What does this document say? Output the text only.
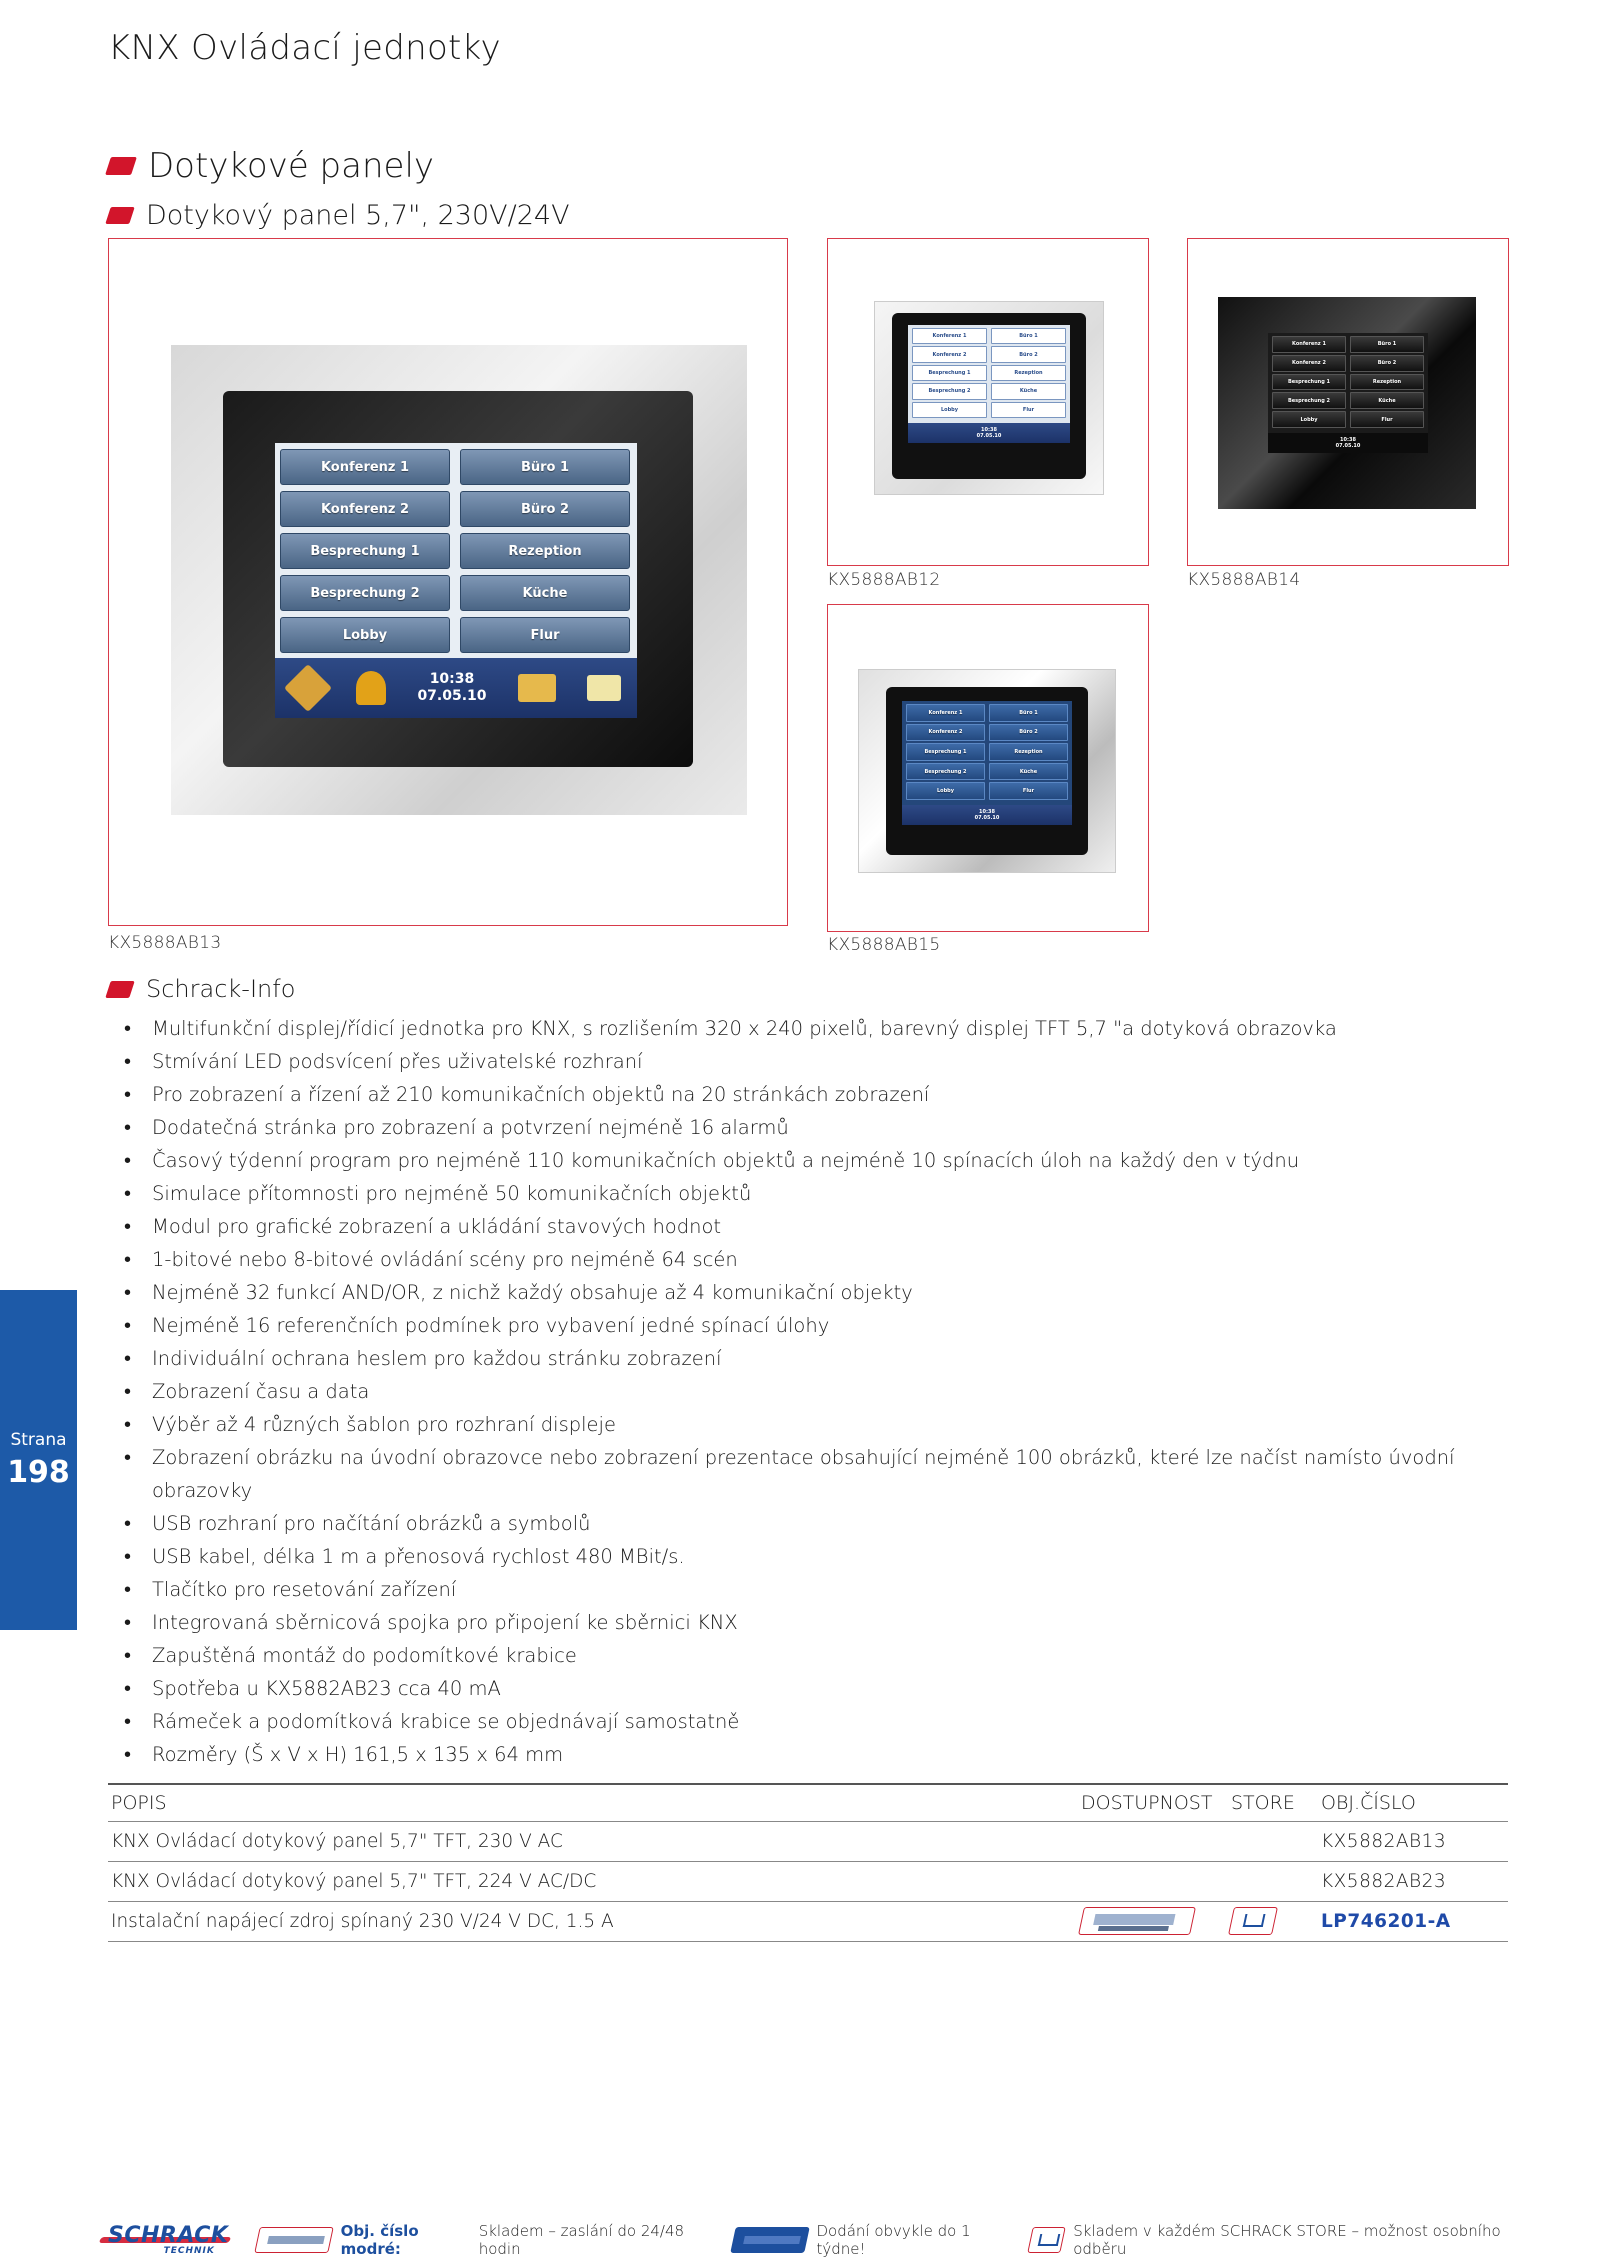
KNX Ovládací jednotky
Dotykové panely
Dotykový panel 5,7", 230V/24V
Konferenz 1	Büro 1
Konferenz 2	Büro 2
Besprechung 1	Rezeption
Besprechung 2	Küche
Lobby	Flur
10:38
07.05.10
KX5888AB13
Konferenz 1	Büro 1
Konferenz 2	Büro 2
Besprechung 1	Rezeption
Besprechung 2	Küche
Lobby	Flur
10:38
07.05.10
KX5888AB12
Konferenz 1	Büro 1
Konferenz 2	Büro 2
Besprechung 1	Rezeption
Besprechung 2	Küche
Lobby	Flur
10:38
07.05.10
KX5888AB14
Konferenz 1	Büro 1
Konferenz 2	Büro 2
Besprechung 1	Rezeption
Besprechung 2	Küche
Lobby	Flur
10:38
07.05.10
KX5888AB15
Schrack-Info
• Multifunkční displej/řídicí jednotka pro KNX, s rozlišením 320 x 240 pixelů, barevný displej TFT 5,7 "a dotyková obrazovka
• Stmívání LED podsvícení přes uživatelské rozhraní
• Pro zobrazení a řízení až 210 komunikačních objektů na 20 stránkách zobrazení
• Dodatečná stránka pro zobrazení a potvrzení nejméně 16 alarmů
• Časový týdenní program pro nejméně 110 komunikačních objektů a nejméně 10 spínacích úloh na každý den v týdnu
• Simulace přítomnosti pro nejméně 50 komunikačních objektů
• Modul pro grafické zobrazení a ukládání stavových hodnot
• 1-bitové nebo 8-bitové ovládání scény pro nejméně 64 scén
• Nejméně 32 funkcí AND/OR, z nichž každý obsahuje až 4 komunikační objekty
• Nejméně 16 referenčních podmínek pro vybavení jedné spínací úlohy
• Individuální ochrana heslem pro každou stránku zobrazení
• Zobrazení času a data
• Výběr až 4 různých šablon pro rozhraní displeje
• Zobrazení obrázku na úvodní obrazovce nebo zobrazení prezentace obsahující nejméně 100 obrázků, které lze načíst namísto úvodní obrazovky
• USB rozhraní pro načítání obrázků a symbolů
• USB kabel, délka 1 m a přenosová rychlost 480 MBit/s.
• Tlačítko pro resetování zařízení
• Integrovaná sběrnicová spojka pro připojení ke sběrnici KNX
• Zapuštěná montáž do podomítkové krabice
• Spotřeba u KX5882AB23 cca 40 mA
• Rámeček a podomítková krabice se objednávají samostatně
• Rozměry (Š x V x H) 161,5 x 135 x 64 mm
POPIS	DOSTUPNOST	STORE	OBJ.ČÍSLO
KNX Ovládací dotykový panel 5,7" TFT, 230 V AC			KX5882AB13
KNX Ovládací dotykový panel 5,7" TFT, 224 V AC/DC			KX5882AB23
Instalační napájecí zdroj spínaný 230 V/24 V DC, 1.5 A			LP746201-A
Strana
198
SCHRACK
TECHNIK
Obj. číslo modré:
Skladem – zaslání do 24/48 hodin
Dodání obvykle do 1 týdne!
Skladem v každém SCHRACK STORE – možnost osobního odběru
